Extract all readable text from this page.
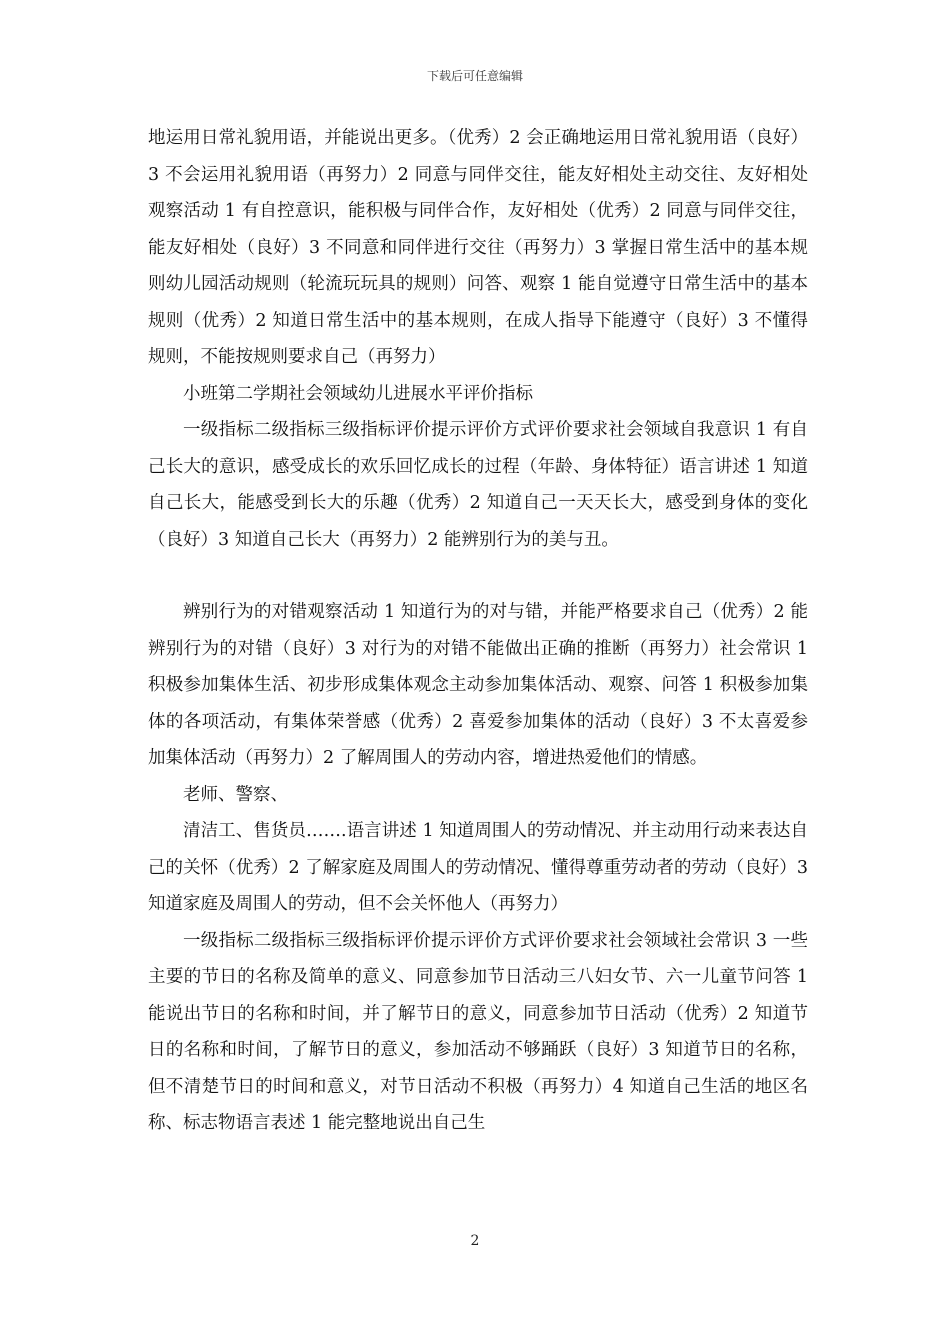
下载后可任意编辑

地运用日常礼貌用语，并能说出更多。（优秀）2 会正确地运用日常礼貌用语（良好）3 不会运用礼貌用语（再努力）2 同意与同伴交往，能友好相处主动交往、友好相处观察活动 1 有自控意识，能积极与同伴合作，友好相处（优秀）2 同意与同伴交往，能友好相处（良好）3 不同意和同伴进行交往（再努力）3 掌握日常生活中的基本规则幼儿园活动规则（轮流玩玩具的规则）问答、观察 1 能自觉遵守日常生活中的基本规则（优秀）2 知道日常生活中的基本规则，在成人指导下能遵守（良好）3 不懂得规则，不能按规则要求自己（再努力）

小班第二学期社会领域幼儿进展水平评价指标

一级指标二级指标三级指标评价提示评价方式评价要求社会领域自我意识 1 有自己长大的意识，感受成长的欢乐回忆成长的过程（年龄、身体特征）语言讲述 1 知道自己长大，能感受到长大的乐趣（优秀）2 知道自己一天天长大，感受到身体的变化（良好）3 知道自己长大（再努力）2 能辨别行为的美与丑。

辨别行为的对错观察活动 1 知道行为的对与错，并能严格要求自己（优秀）2 能辨别行为的对错（良好）3 对行为的对错不能做出正确的推断（再努力）社会常识 1 积极参加集体生活、初步形成集体观念主动参加集体活动、观察、问答 1 积极参加集体的各项活动，有集体荣誉感（优秀）2 喜爱参加集体的活动（良好）3 不太喜爱参加集体活动（再努力）2 了解周围人的劳动内容，增进热爱他们的情感。

老师、警察、

清洁工、售货员…….语言讲述 1 知道周围人的劳动情况、并主动用行动来表达自己的关怀（优秀）2 了解家庭及周围人的劳动情况、懂得尊重劳动者的劳动（良好）3 知道家庭及周围人的劳动，但不会关怀他人（再努力）

一级指标二级指标三级指标评价提示评价方式评价要求社会领域社会常识 3 一些主要的节日的名称及简单的意义、同意参加节日活动三八妇女节、六一儿童节问答 1 能说出节日的名称和时间，并了解节日的意义，同意参加节日活动（优秀）2 知道节日的名称和时间，了解节日的意义，参加活动不够踊跃（良好）3 知道节日的名称，但不清楚节日的时间和意义，对节日活动不积极（再努力）4 知道自己生活的地区名称、标志物语言表述 1 能完整地说出自己生

2
